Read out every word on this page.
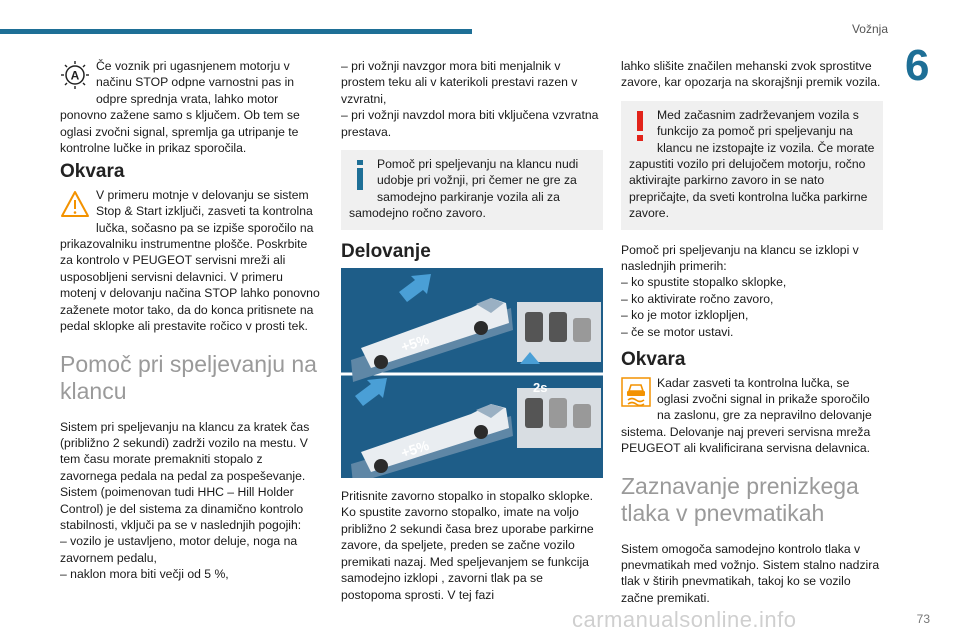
Vožnja
6

A
Če voznik pri ugasnjenem motorju v načinu STOP odpne varnostni pas in odpre sprednja vrata, lahko motor ponovno zažene samo s ključem. Ob tem se oglasi zvočni signal, spremlja ga utripanje te kontrolne lučke in prikaz sporočila.

Okvara

V primeru motnje v delovanju se sistem Stop & Start izključi, zasveti ta kontrolna lučka, sočasno pa se izpiše sporočilo na prikazovalniku instrumentne plošče. Poskrbite za kontrolo v PEUGEOT servisni mreži ali usposobljeni servisni delavnici. V primeru motenj v delovanju načina STOP lahko ponovno zaženete motor tako, da do konca pritisnete na pedal sklopke ali prestavite ročico v prosti tek.

Pomoč pri speljevanju na klancu

Sistem pri speljevanju na klancu za kratek čas (približno 2 sekundi) zadrži vozilo na mestu. V tem času morate premakniti stopalo z zavornega pedala na pedal za pospeševanje. Sistem (poimenovan tudi HHC – Hill Holder Control) je del sistema za dinamično kontrolo stabilnosti, vključi pa se v naslednjih pogojih:

– vozilo je ustavljeno, motor deluje, noga na zavornem pedalu,

– naklon mora biti večji od 5 %,

– pri vožnji navzgor mora biti menjalnik v prostem teku ali v katerikoli prestavi razen v vzvratni,

– pri vožnji navzdol mora biti vključena vzvratna prestava.

Pomoč pri speljevanju na klancu nudi udobje pri vožnji, pri čemer ne gre za samodejno parkiranje vozila ali za samodejno ročno zavoro.

Delovanje

+5%
+5%
2s

Pritisnite zavorno stopalko in stopalko sklopke. Ko spustite zavorno stopalko, imate na voljo približno 2 sekundi časa brez uporabe parkirne zavore, da speljete, preden se začne vozilo premikati nazaj. Med speljevanjem se funkcija samodejno izklopi , zavorni tlak pa se postopoma sprosti. V tej fazi

lahko slišite značilen mehanski zvok sprostitve zavore, kar opozarja na skorajšnji premik vozila.

Med začasnim zadrževanjem vozila s funkcijo za pomoč pri speljevanju na klancu ne izstopajte iz vozila. Če morate zapustiti vozilo pri delujočem motorju, ročno aktivirajte parkirno zavoro in se nato prepričajte, da sveti kontrolna lučka parkirne zavore.

Pomoč pri speljevanju na klancu se izklopi v naslednjih primerih:

– ko spustite stopalko sklopke,

– ko aktivirate ročno zavoro,

– ko je motor izklopljen,

– če se motor ustavi.

Okvara

Kadar zasveti ta kontrolna lučka, se oglasi zvočni signal in prikaže sporočilo na zaslonu, gre za nepravilno delovanje sistema. Delovanje naj preveri servisna mreža PEUGEOT ali kvalificirana servisna delavnica.

Zaznavanje prenizkega tlaka v pnevmatikah

Sistem omogoča samodejno kontrolo tlaka v pnevmatikah med vožnjo. Sistem stalno nadzira tlak v štirih pnevmatikah, takoj ko se vozilo začne premikati.

carmanualsonline.info	73
